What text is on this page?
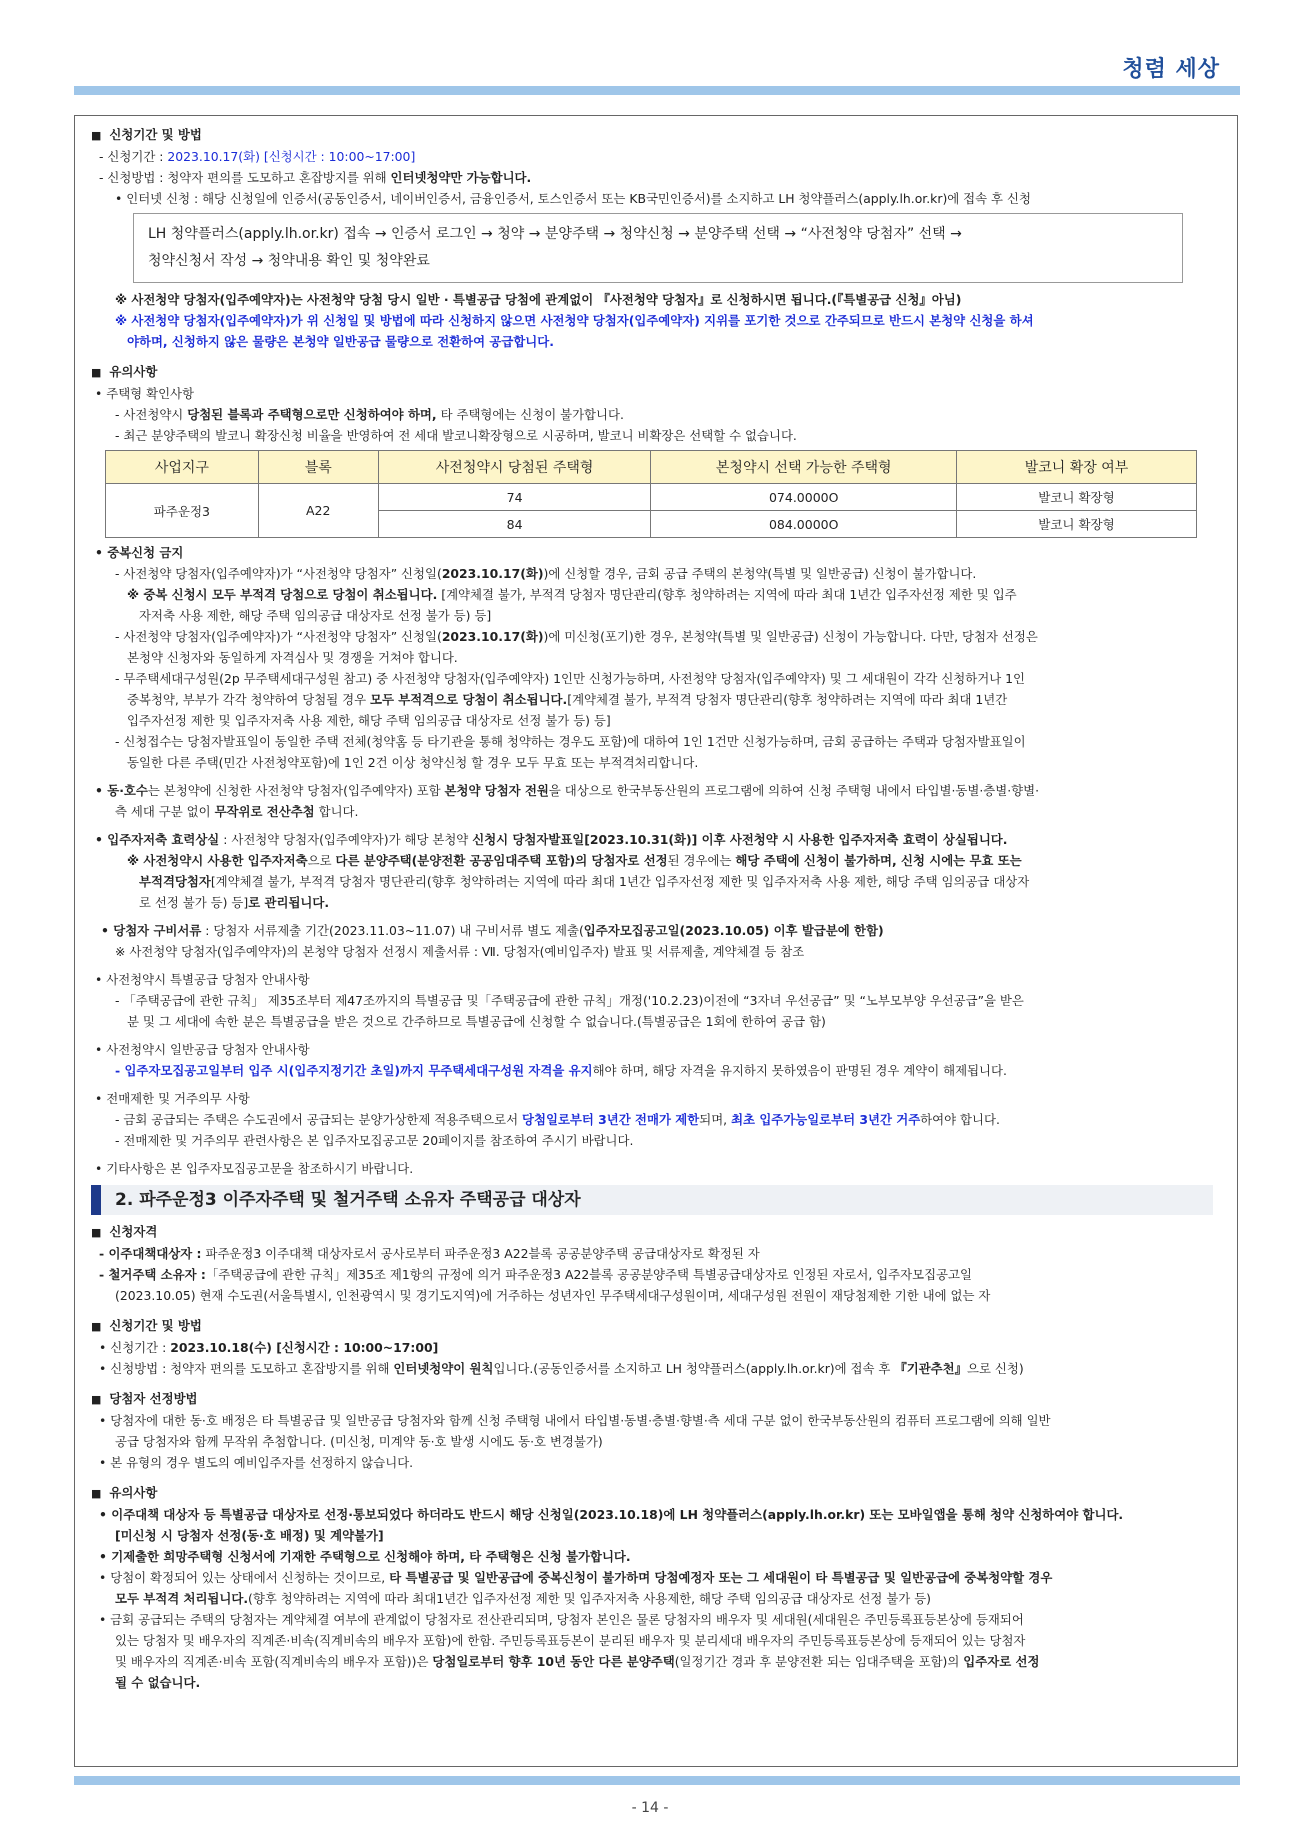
청렴 세상
■ 신청기간 및 방법
- 신청기간 : 2023.10.17(화) [신청시간 : 10:00~17:00]
- 신청방법 : 청약자 편의를 도모하고 혼잡방지를 위해 인터넷청약만 가능합니다.
• 인터넷 신청 : 해당 신청일에 인증서(공동인증서, 네이버인증서, 금융인증서, 토스인증서 또는 KB국민인증서)를 소지하고 LH 청약플러스(apply.lh.or.kr)에 접속 후 신청
LH 청약플러스(apply.lh.or.kr) 접속 → 인증서 로그인 → 청약 → 분양주택 → 청약신청 → 분양주택 선택 → “사전청약 당첨자” 선택 →
청약신청서 작성 → 청약내용 확인 및 청약완료
※ 사전청약 당첨자(입주예약자)는 사전청약 당첨 당시 일반 · 특별공급 당첨에 관계없이 『사전청약 당첨자』로 신청하시면 됩니다.(『특별공급 신청』아님)
※ 사전청약 당첨자(입주예약자)가 위 신청일 및 방법에 따라 신청하지 않으면 사전청약 당첨자(입주예약자) 지위를 포기한 것으로 간주되므로 반드시 본청약 신청을 하셔
야하며, 신청하지 않은 물량은 본청약 일반공급 물량으로 전환하여 공급합니다.
■ 유의사항
• 주택형 확인사항
- 사전청약시 당첨된 블록과 주택형으로만 신청하여야 하며, 타 주택형에는 신청이 불가합니다.
- 최근 분양주택의 발코니 확장신청 비율을 반영하여 전 세대 발코니확장형으로 시공하며, 발코니 비확장은 선택할 수 없습니다.
사업지구	블록	사전청약시 당첨된 주택형	본청약시 선택 가능한 주택형	발코니 확장 여부
파주운정3	A22	74	074.0000O	발코니 확장형
		84	084.0000O	발코니 확장형
• 중복신청 금지
- 사전청약 당첨자(입주예약자)가 “사전청약 당첨자” 신청일(2023.10.17(화))에 신청할 경우, 금회 공급 주택의 본청약(특별 및 일반공급) 신청이 불가합니다.
※ 중복 신청시 모두 부적격 당첨으로 당첨이 취소됩니다. [계약체결 불가, 부적격 당첨자 명단관리(향후 청약하려는 지역에 따라 최대 1년간 입주자선정 제한 및 입주
자저축 사용 제한, 해당 주택 임의공급 대상자로 선정 불가 등) 등]
- 사전청약 당첨자(입주예약자)가 “사전청약 당첨자” 신청일(2023.10.17(화))에 미신청(포기)한 경우, 본청약(특별 및 일반공급) 신청이 가능합니다. 다만, 당첨자 선정은
본청약 신청자와 동일하게 자격심사 및 경쟁을 거쳐야 합니다.
- 무주택세대구성원(2p 무주택세대구성원 참고) 중 사전청약 당첨자(입주예약자) 1인만 신청가능하며, 사전청약 당첨자(입주예약자) 및 그 세대원이 각각 신청하거나 1인
중복청약, 부부가 각각 청약하여 당첨될 경우 모두 부적격으로 당첨이 취소됩니다.[계약체결 불가, 부적격 당첨자 명단관리(향후 청약하려는 지역에 따라 최대 1년간
입주자선정 제한 및 입주자저축 사용 제한, 해당 주택 임의공급 대상자로 선정 불가 등) 등]
- 신청접수는 당첨자발표일이 동일한 주택 전체(청약홈 등 타기관을 통해 청약하는 경우도 포함)에 대하여 1인 1건만 신청가능하며, 금회 공급하는 주택과 당첨자발표일이
동일한 다른 주택(민간 사전청약포함)에 1인 2건 이상 청약신청 할 경우 모두 무효 또는 부적격처리합니다.
• 동·호수는 본청약에 신청한 사전청약 당첨자(입주예약자) 포함 본청약 당첨자 전원을 대상으로 한국부동산원의 프로그램에 의하여 신청 주택형 내에서 타입별·동별·층별·향별·
측 세대 구분 없이 무작위로 전산추첨 합니다.
• 입주자저축 효력상실 : 사전청약 당첨자(입주예약자)가 해당 본청약 신청시 당첨자발표일[2023.10.31(화)] 이후 사전청약 시 사용한 입주자저축 효력이 상실됩니다.
※ 사전청약시 사용한 입주자저축으로 다른 분양주택(분양전환 공공임대주택 포함)의 당첨자로 선정된 경우에는 해당 주택에 신청이 불가하며, 신청 시에는 무효 또는
부적격당첨자[계약체결 불가, 부적격 당첨자 명단관리(향후 청약하려는 지역에 따라 최대 1년간 입주자선정 제한 및 입주자저축 사용 제한, 해당 주택 임의공급 대상자
로 선정 불가 등) 등]로 관리됩니다.
• 당첨자 구비서류 : 당첨자 서류제출 기간(2023.11.03~11.07) 내 구비서류 별도 제출(입주자모집공고일(2023.10.05) 이후 발급분에 한함)
※ 사전청약 당첨자(입주예약자)의 본청약 당첨자 선정시 제출서류 : Ⅶ. 당첨자(예비입주자) 발표 및 서류제출, 계약체결 등 참조
• 사전청약시 특별공급 당첨자 안내사항
- 「주택공급에 관한 규칙」 제35조부터 제47조까지의 특별공급 및「주택공급에 관한 규칙」개정('10.2.23)이전에 “3자녀 우선공급” 및 “노부모부양 우선공급”을 받은
분 및 그 세대에 속한 분은 특별공급을 받은 것으로 간주하므로 특별공급에 신청할 수 없습니다.(특별공급은 1회에 한하여 공급 함)
• 사전청약시 일반공급 당첨자 안내사항
- 입주자모집공고일부터 입주 시(입주지정기간 초일)까지 무주택세대구성원 자격을 유지해야 하며, 해당 자격을 유지하지 못하였음이 판명된 경우 계약이 해제됩니다.
• 전매제한 및 거주의무 사항
- 금회 공급되는 주택은 수도권에서 공급되는 분양가상한제 적용주택으로서 당첨일로부터 3년간 전매가 제한되며, 최초 입주가능일로부터 3년간 거주하여야 합니다.
- 전매제한 및 거주의무 관련사항은 본 입주자모집공고문 20페이지를 참조하여 주시기 바랍니다.
• 기타사항은 본 입주자모집공고문을 참조하시기 바랍니다.
2. 파주운정3 이주자주택 및 철거주택 소유자 주택공급 대상자
■ 신청자격
- 이주대책대상자 : 파주운정3 이주대책 대상자로서 공사로부터 파주운정3 A22블록 공공분양주택 공급대상자로 확정된 자
- 철거주택 소유자 :「주택공급에 관한 규칙」제35조 제1항의 규정에 의거 파주운정3 A22블록 공공분양주택 특별공급대상자로 인정된 자로서, 입주자모집공고일
(2023.10.05) 현재 수도권(서울특별시, 인천광역시 및 경기도지역)에 거주하는 성년자인 무주택세대구성원이며, 세대구성원 전원이 재당첨제한 기한 내에 없는 자
■ 신청기간 및 방법
• 신청기간 : 2023.10.18(수) [신청시간 : 10:00~17:00]
• 신청방법 : 청약자 편의를 도모하고 혼잡방지를 위해 인터넷청약이 원칙입니다.(공동인증서를 소지하고 LH 청약플러스(apply.lh.or.kr)에 접속 후 『기관추천』으로 신청)
■ 당첨자 선정방법
• 당첨자에 대한 동·호 배정은 타 특별공급 및 일반공급 당첨자와 함께 신청 주택형 내에서 타입별·동별·층별·향별·측 세대 구분 없이 한국부동산원의 컴퓨터 프로그램에 의해 일반
공급 당첨자와 함께 무작위 추첨합니다. (미신청, 미계약 동·호 발생 시에도 동·호 변경불가)
• 본 유형의 경우 별도의 예비입주자를 선정하지 않습니다.
■ 유의사항
• 이주대책 대상자 등 특별공급 대상자로 선정·통보되었다 하더라도 반드시 해당 신청일(2023.10.18)에 LH 청약플러스(apply.lh.or.kr) 또는 모바일앱을 통해 청약 신청하여야 합니다.
[미신청 시 당첨자 선정(동·호 배정) 및 계약불가]
• 기제출한 희망주택형 신청서에 기재한 주택형으로 신청해야 하며, 타 주택형은 신청 불가합니다.
• 당첨이 확정되어 있는 상태에서 신청하는 것이므로, 타 특별공급 및 일반공급에 중복신청이 불가하며 당첨예정자 또는 그 세대원이 타 특별공급 및 일반공급에 중복청약할 경우
모두 부적격 처리됩니다.(향후 청약하려는 지역에 따라 최대1년간 입주자선정 제한 및 입주자저축 사용제한, 해당 주택 임의공급 대상자로 선정 불가 등)
• 금회 공급되는 주택의 당첨자는 계약체결 여부에 관계없이 당첨자로 전산관리되며, 당첨자 본인은 물론 당첨자의 배우자 및 세대원(세대원은 주민등록표등본상에 등재되어
있는 당첨자 및 배우자의 직계존·비속(직계비속의 배우자 포함)에 한함. 주민등록표등본이 분리된 배우자 및 분리세대 배우자의 주민등록표등본상에 등재되어 있는 당첨자
및 배우자의 직계존·비속 포함(직계비속의 배우자 포함))은 당첨일로부터 향후 10년 동안 다른 분양주택(일정기간 경과 후 분양전환 되는 임대주택을 포함)의 입주자로 선정
될 수 없습니다.
- 14 -
